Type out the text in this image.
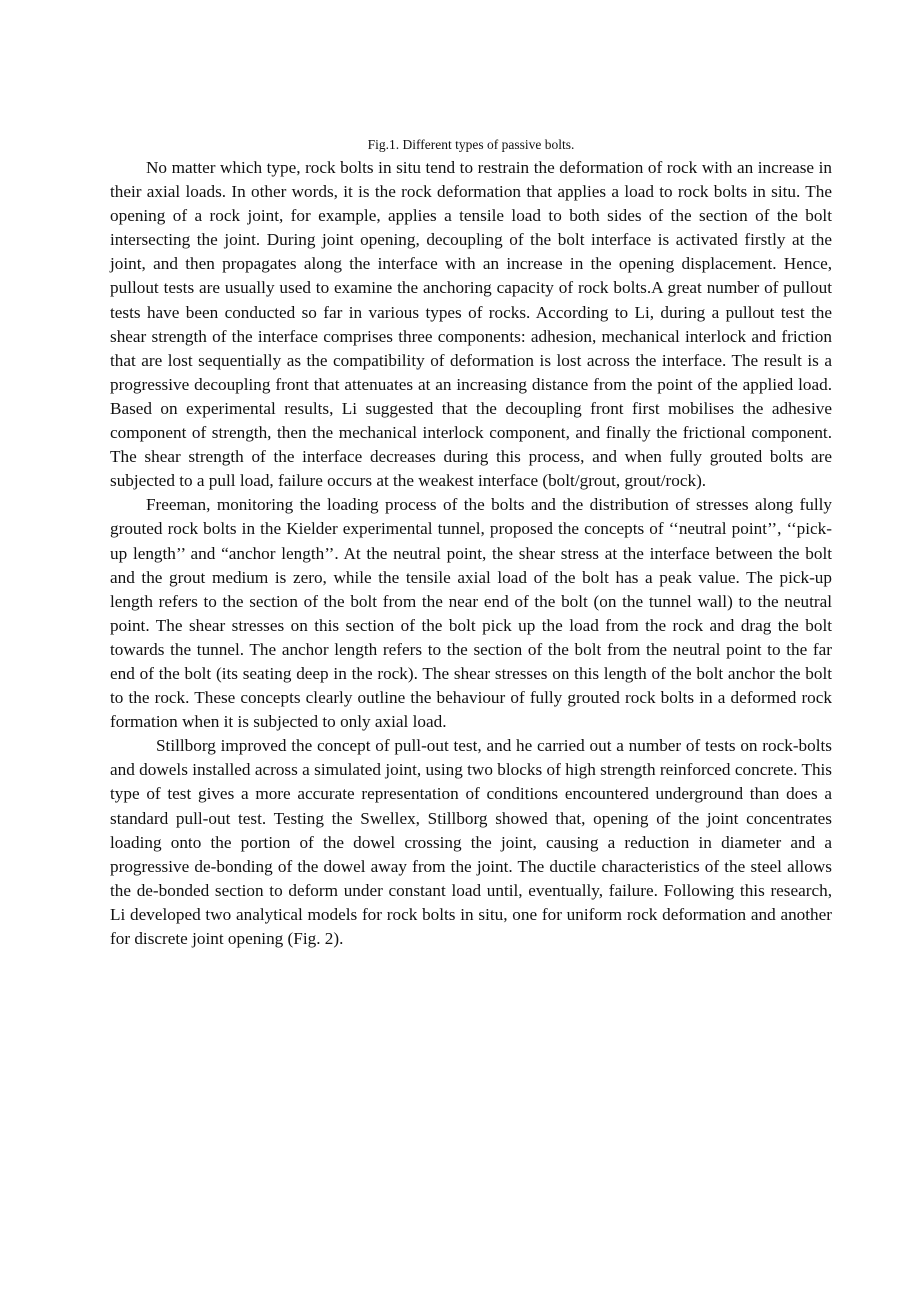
Fig.1. Different types of passive bolts.

No matter which type, rock bolts in situ tend to restrain the deformation of rock with an increase in their axial loads. In other words, it is the rock deformation that applies a load to rock bolts in situ. The opening of a rock joint, for example, applies a tensile load to both sides of the section of the bolt intersecting the joint. During joint opening, decoupling of the bolt interface is activated firstly at the joint, and then propagates along the interface with an increase in the opening displacement. Hence, pullout tests are usually used to examine the anchoring capacity of rock bolts.A great number of pullout tests have been conducted so far in various types of rocks. According to Li, during a pullout test the shear strength of the interface comprises three components: adhesion, mechanical interlock and friction that are lost sequentially as the compatibility of deformation is lost across the interface. The result is a progressive decoupling front that attenuates at an increasing distance from the point of the applied load. Based on experimental results, Li suggested that the decoupling front first mobilises the adhesive component of strength, then the mechanical interlock component, and finally the frictional component. The shear strength of the interface decreases during this process, and when fully grouted bolts are subjected to a pull load, failure occurs at the weakest interface (bolt/grout, grout/rock).

Freeman, monitoring the loading process of the bolts and the distribution of stresses along fully grouted rock bolts in the Kielder experimental tunnel, proposed the concepts of ‘‘neutral point’’, ‘‘pick-up length’’ and “anchor length’’. At the neutral point, the shear stress at the interface between the bolt and the grout medium is zero, while the tensile axial load of the bolt has a peak value. The pick-up length refers to the section of the bolt from the near end of the bolt (on the tunnel wall) to the neutral point. The shear stresses on this section of the bolt pick up the load from the rock and drag the bolt towards the tunnel. The anchor length refers to the section of the bolt from the neutral point to the far end of the bolt (its seating deep in the rock). The shear stresses on this length of the bolt anchor the bolt to the rock. These concepts clearly outline the behaviour of fully grouted rock bolts in a deformed rock formation when it is subjected to only axial load.

Stillborg improved the concept of pull-out test, and he carried out a number of tests on rock-bolts and dowels installed across a simulated joint, using two blocks of high strength reinforced concrete. This type of test gives a more accurate representation of conditions encountered underground than does a standard pull-out test. Testing the Swellex, Stillborg showed that, opening of the joint concentrates loading onto the portion of the dowel crossing the joint, causing a reduction in diameter and a progressive de-bonding of the dowel away from the joint. The ductile characteristics of the steel allows the de-bonded section to deform under constant load until, eventually, failure. Following this research, Li developed two analytical models for rock bolts in situ, one for uniform rock deformation and another for discrete joint opening (Fig. 2).
